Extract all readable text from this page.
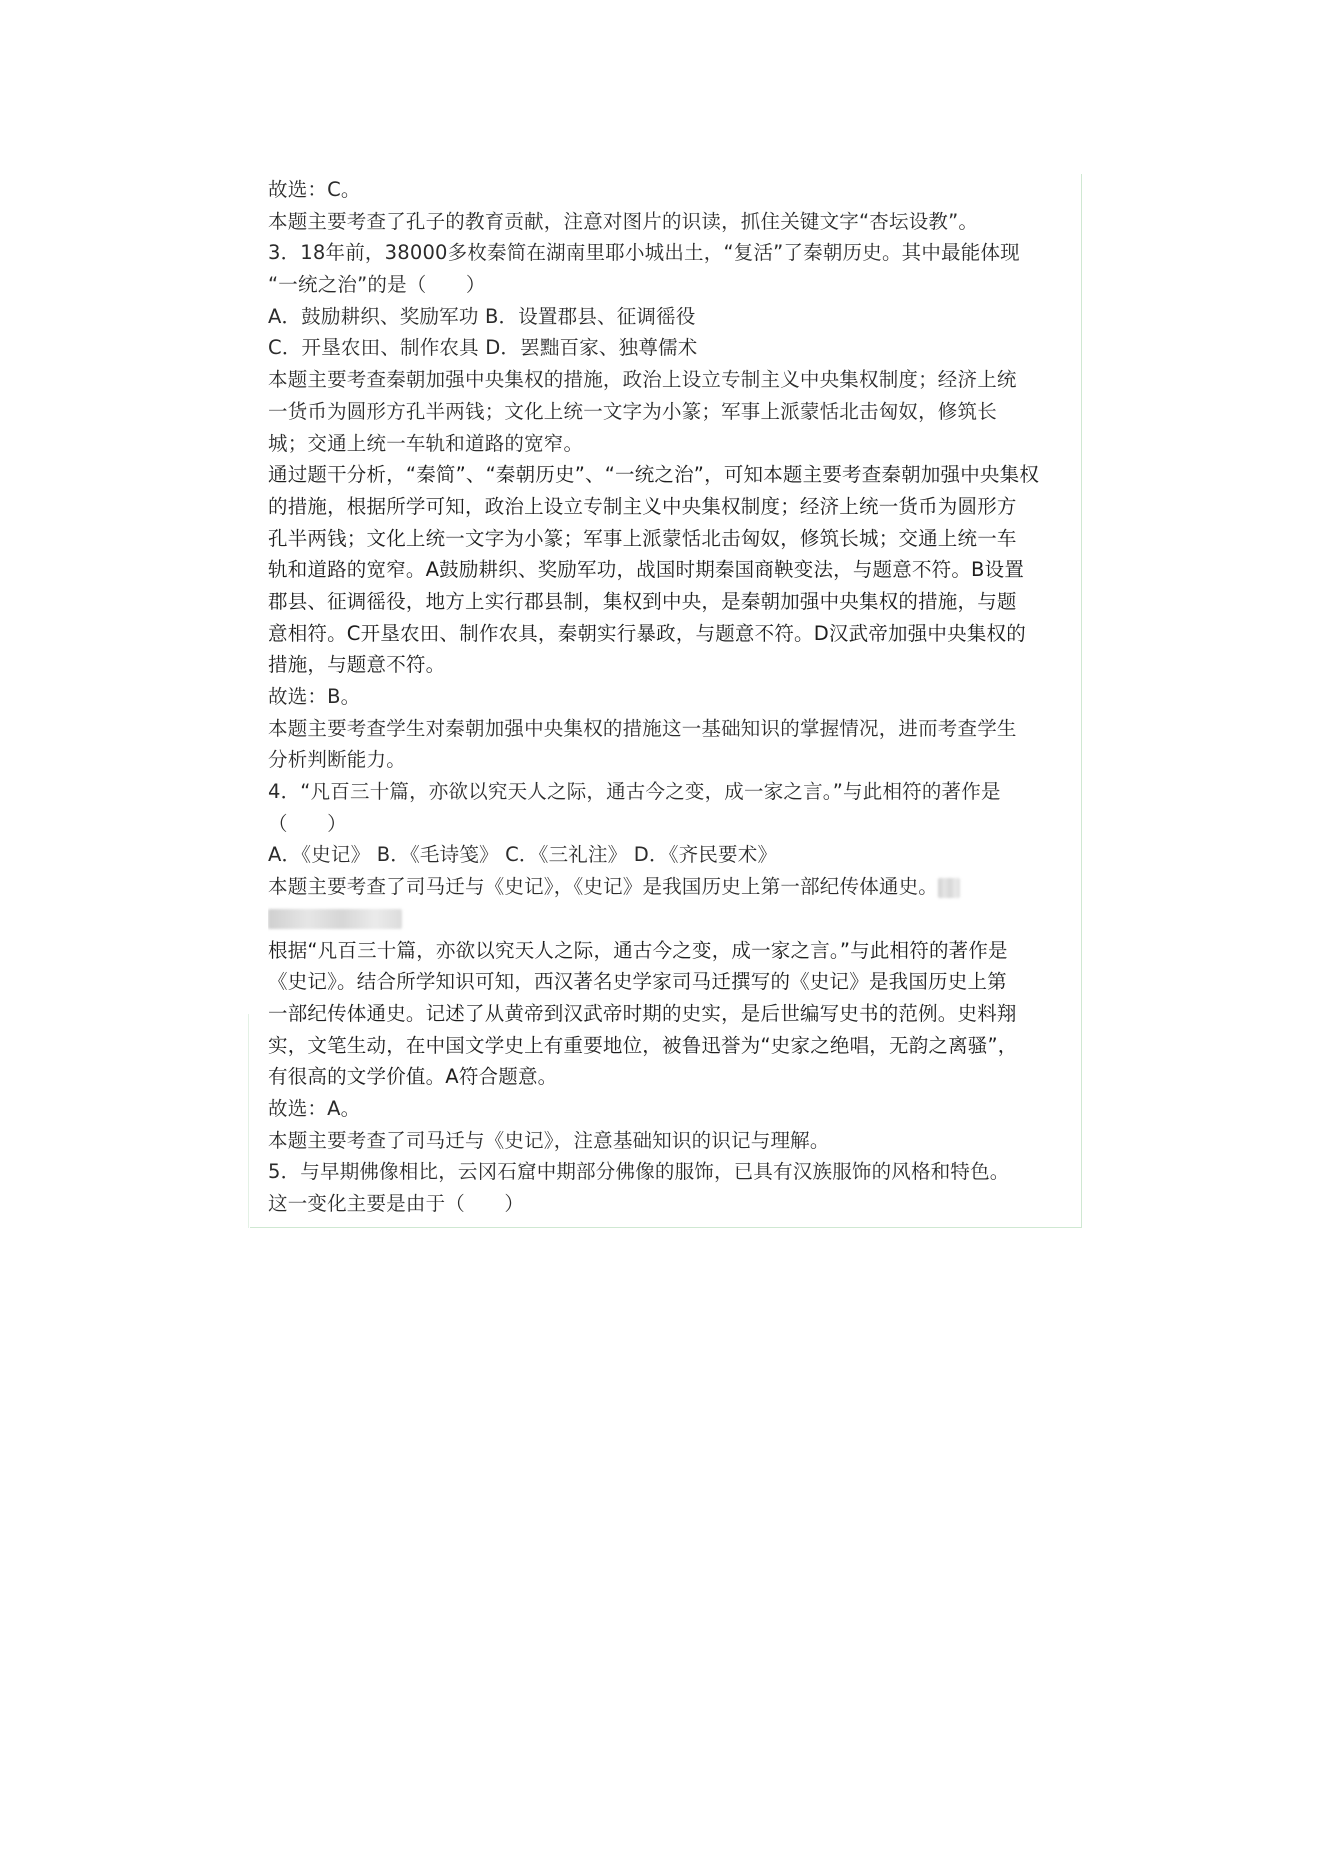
故选：C。
本题主要考查了孔子的教育贡献，注意对图片的识读，抓住关键文字“杏坛设教”。
3．18年前，38000多枚秦简在湖南里耶小城出土，“复活”了秦朝历史。其中最能体现
“一统之治”的是（　　）
A．鼓励耕织、奖励军功 B．设置郡县、征调徭役
C．开垦农田、制作农具 D．罢黜百家、独尊儒术
本题主要考查秦朝加强中央集权的措施，政治上设立专制主义中央集权制度；经济上统
一货币为圆形方孔半两钱；文化上统一文字为小篆；军事上派蒙恬北击匈奴，修筑长
城；交通上统一车轨和道路的宽窄。
通过题干分析，“秦简”、“秦朝历史”、“一统之治”，可知本题主要考查秦朝加强中央集权
的措施，根据所学可知，政治上设立专制主义中央集权制度；经济上统一货币为圆形方
孔半两钱；文化上统一文字为小篆；军事上派蒙恬北击匈奴，修筑长城；交通上统一车
轨和道路的宽窄。A鼓励耕织、奖励军功，战国时期秦国商鞅变法，与题意不符。B设置
郡县、征调徭役，地方上实行郡县制，集权到中央，是秦朝加强中央集权的措施，与题
意相符。C开垦农田、制作农具，秦朝实行暴政，与题意不符。D汉武帝加强中央集权的
措施，与题意不符。
故选：B。
本题主要考查学生对秦朝加强中央集权的措施这一基础知识的掌握情况，进而考查学生
分析判断能力。
4．“凡百三十篇，亦欲以究天人之际，通古今之变，成一家之言。”与此相符的著作是
（　　）
A．《史记》 B．《毛诗笺》 C．《三礼注》 D．《齐民要术》
本题主要考查了司马迁与《史记》，《史记》是我国历史上第一部纪传体通史。
根据“凡百三十篇，亦欲以究天人之际，通古今之变，成一家之言。”与此相符的著作是
《史记》。结合所学知识可知，西汉著名史学家司马迁撰写的《史记》是我国历史上第
一部纪传体通史。记述了从黄帝到汉武帝时期的史实，是后世编写史书的范例。史料翔
实，文笔生动，在中国文学史上有重要地位，被鲁迅誉为“史家之绝唱，无韵之离骚”，
有很高的文学价值。A符合题意。
故选：A。
本题主要考查了司马迁与《史记》，注意基础知识的识记与理解。
5．与早期佛像相比，云冈石窟中期部分佛像的服饰，已具有汉族服饰的风格和特色。
这一变化主要是由于（　　）
